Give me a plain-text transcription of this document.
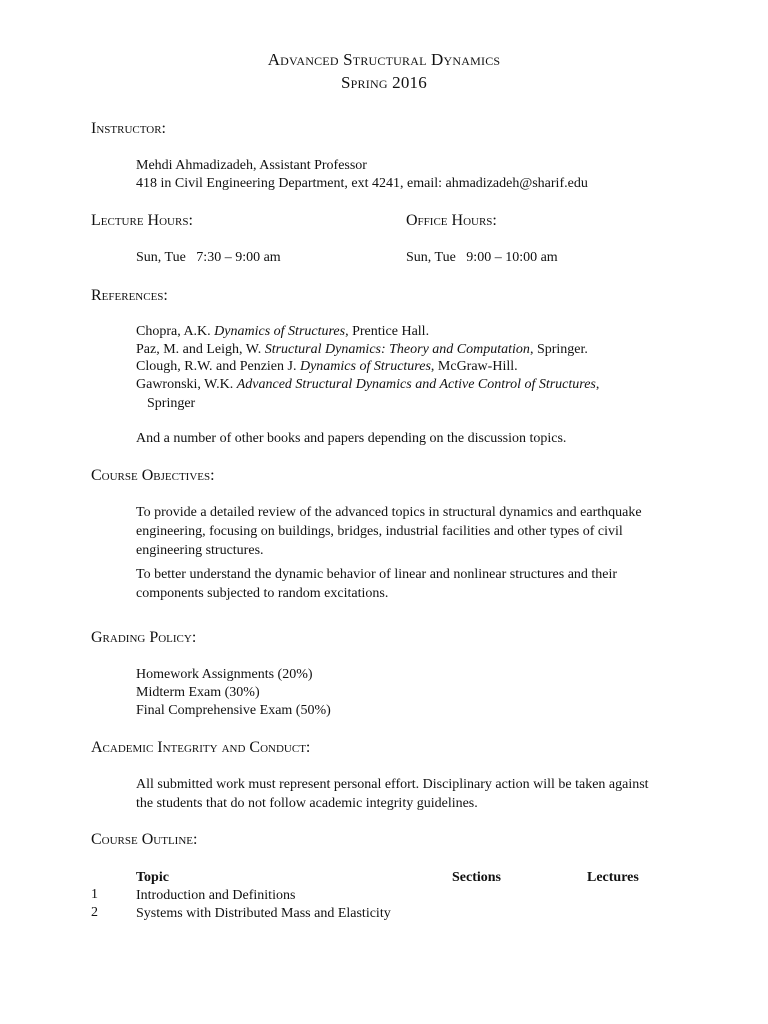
Advanced Structural Dynamics
Spring 2016
Instructor:
Mehdi Ahmadizadeh, Assistant Professor
418 in Civil Engineering Department, ext 4241, email: ahmadizadeh@sharif.edu
Lecture Hours:	Office Hours:
Sun, Tue   7:30 – 9:00 am	Sun, Tue   9:00 – 10:00 am
References:
Chopra, A.K. Dynamics of Structures, Prentice Hall.
Paz, M. and Leigh, W. Structural Dynamics: Theory and Computation, Springer.
Clough, R.W. and Penzien J. Dynamics of Structures, McGraw-Hill.
Gawronski, W.K. Advanced Structural Dynamics and Active Control of Structures,
Springer
And a number of other books and papers depending on the discussion topics.
Course Objectives:
To provide a detailed review of the advanced topics in structural dynamics and earthquake engineering, focusing on buildings, bridges, industrial facilities and other types of civil engineering structures.
To better understand the dynamic behavior of linear and nonlinear structures and their components subjected to random excitations.
Grading Policy:
Homework Assignments (20%)
Midterm Exam (30%)
Final Comprehensive Exam (50%)
Academic Integrity and Conduct:
All submitted work must represent personal effort. Disciplinary action will be taken against the students that do not follow academic integrity guidelines.
Course Outline:
Topic	Sections	Lectures
1	Introduction and Definitions
2	Systems with Distributed Mass and Elasticity
